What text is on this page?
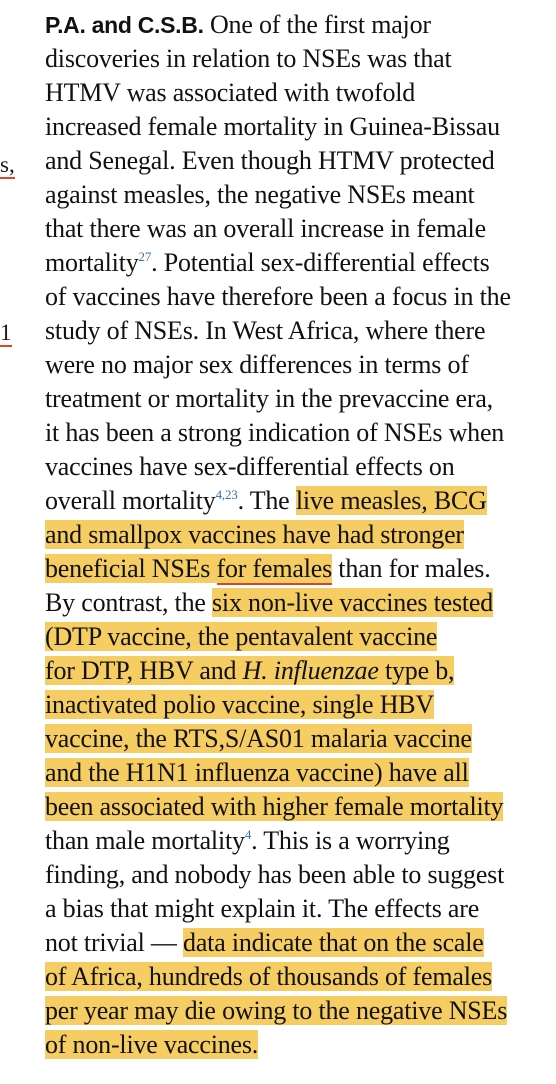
s,
1
P.A. and C.S.B. One of the first major
discoveries in relation to NSEs was that
HTMV was associated with twofold
increased female mortality in Guinea-Bissau
and Senegal. Even though HTMV protected
against measles, the negative NSEs meant
that there was an overall increase in female
mortality$^{27}$. Potential sex-differential effects
of vaccines have therefore been a focus in the
study of NSEs. In West Africa, where there
were no major sex differences in terms of
treatment or mortality in the prevaccine era,
it has been a strong indication of NSEs when
vaccines have sex-differential effects on
overall mortality$^{4,23}$. The live measles, BCG
and smallpox vaccines have had stronger
beneficial NSEs for females than for males.
By contrast, the six non-live vaccines tested
(DTP vaccine, the pentavalent vaccine
for DTP, HBV and H. influenzae type b,
inactivated polio vaccine, single HBV
vaccine, the RTS,S/AS01 malaria vaccine
and the H1N1 influenza vaccine) have all
been associated with higher female mortality
than male mortality$^4$. This is a worrying
finding, and nobody has been able to suggest
a bias that might explain it. The effects are
not trivial — data indicate that on the scale
of Africa, hundreds of thousands of females
per year may die owing to the negative NSEs
of non-live vaccines.
